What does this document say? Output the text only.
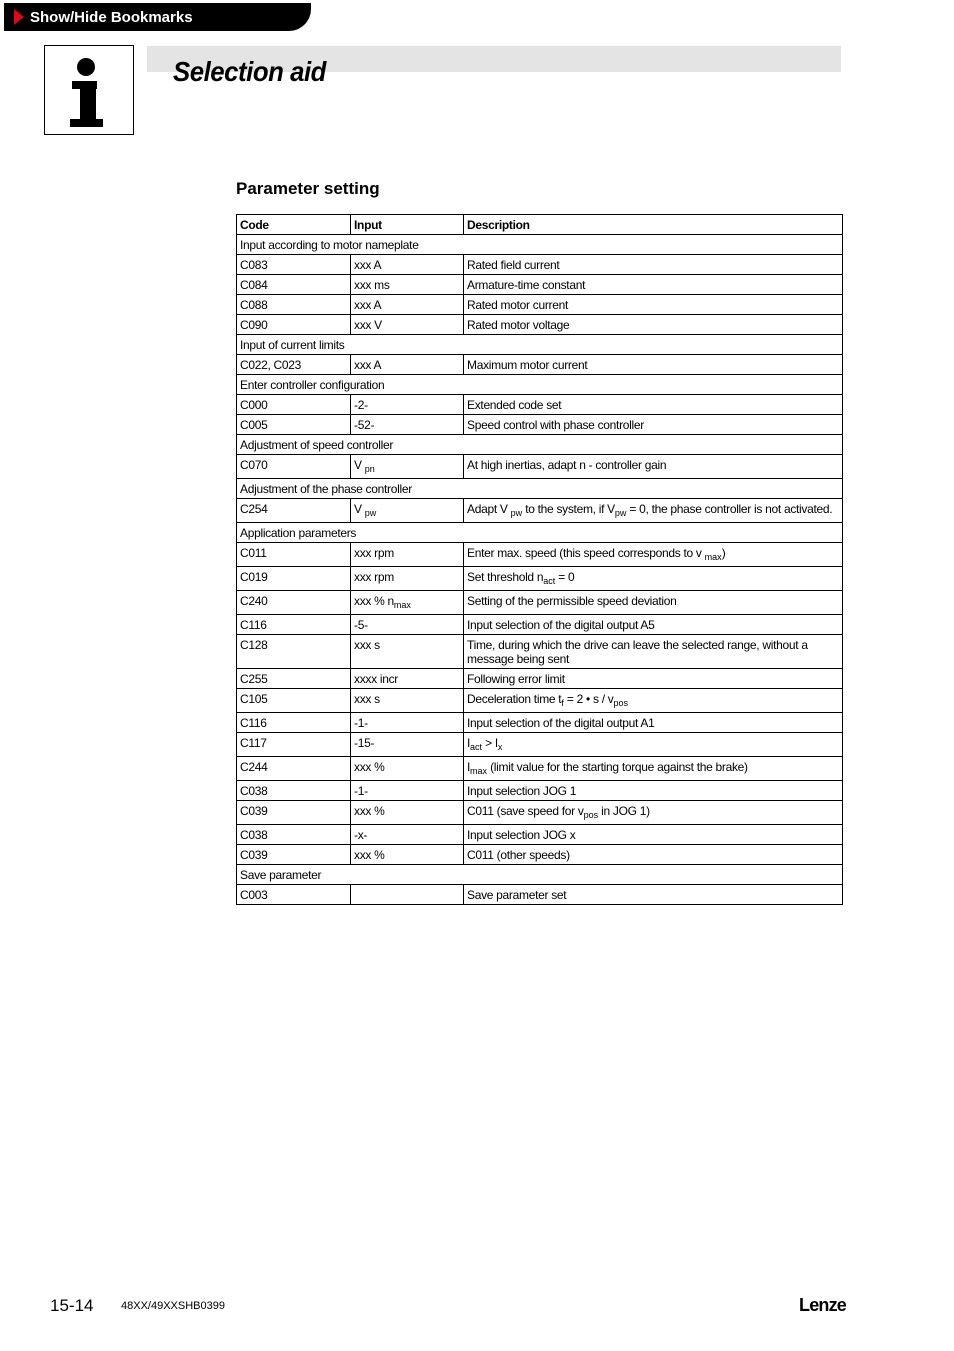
Show/Hide Bookmarks
Selection aid
Parameter setting
Code	Input	Description
Input according to motor nameplate		
C083	xxx A	Rated field current
C084	xxx ms	Armature-time constant
C088	xxx A	Rated motor current
C090	xxx V	Rated motor voltage
Input of current limits		
C022, C023	xxx A	Maximum motor current
Enter controller configuration		
C000	-2-	Extended code set
C005	-52-	Speed control with phase controller
Adjustment of speed controller		
C070	V $_{pn}$	At high inertias, adapt n - controller gain
Adjustment of the phase controller		
C254	V $_{pw}$	Adapt V $_{pw}$ to the system, if $V_{pw} = 0$, the phase controller is not activated.
Application parameters		
C011	xxx rpm	Enter max. speed (this speed corresponds to v $_{max}$)
C019	xxx rpm	Set threshold $n_{act} = 0$
C240	xxx % $n_{max}$	Setting of the permissible speed deviation
C116	-5-	Input selection of the digital output A5
C128	xxx s	Time, during which the drive can leave the selected range, without a message being sent
C255	xxxx incr	Following error limit
C105	xxx s	Deceleration time $t_f = 2$ • s / $v_{pos}$
C116	-1-	Input selection of the digital output A1
C117	-15-	$I_{act} > I_x$
C244	xxx %	$I_{max}$ (limit value for the starting torque against the brake)
C038	-1-	Input selection JOG 1
C039	xxx %	C011 (save speed for $v_{pos}$ in JOG 1)
C038	-x-	Input selection JOG x
C039	xxx %	C011 (other speeds)
Save parameter		
C003		Save parameter set
15-14	48XX/49XXSHB0399	Lenze
